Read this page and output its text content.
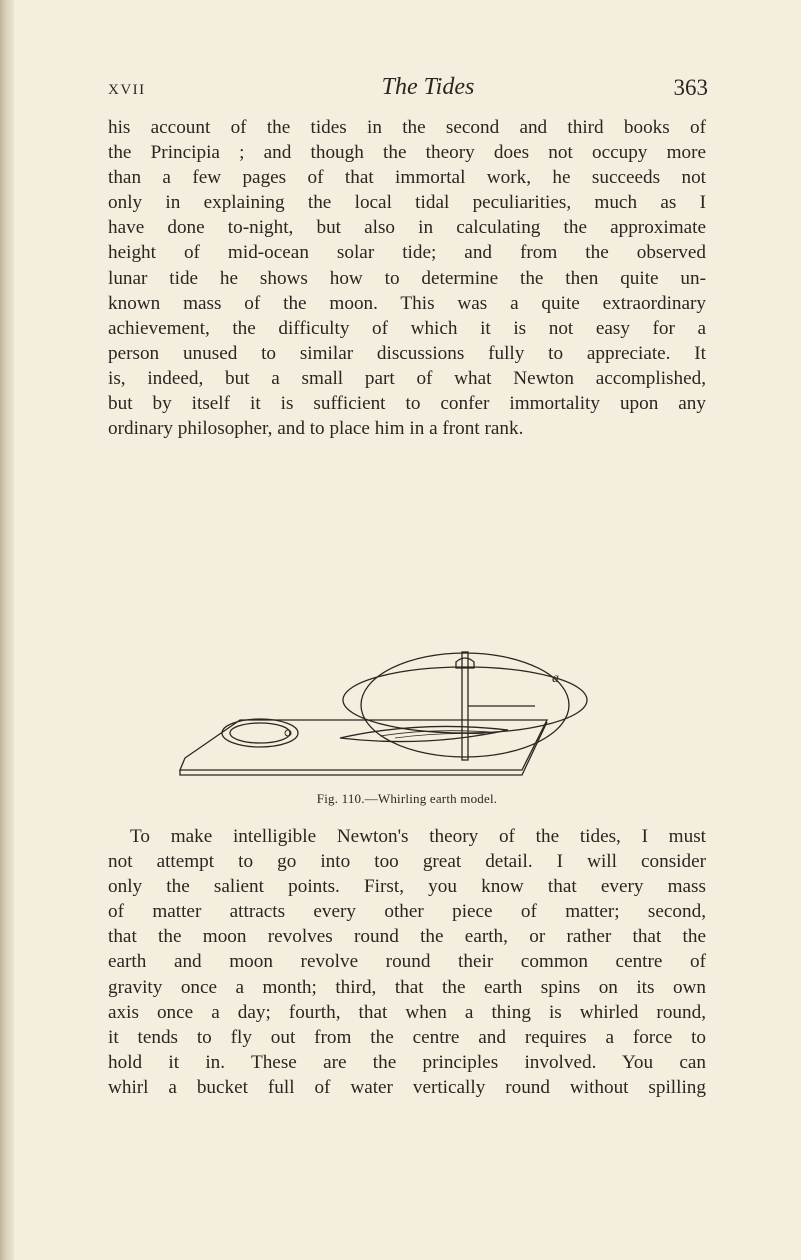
XVII	The Tides	363
his account of the tides in the second and third books of
the Principia ; and though the theory does not occupy more
than a few pages of that immortal work, he succeeds not
only in explaining the local tidal peculiarities, much as I
have done to-night, but also in calculating the approximate
height of mid-ocean solar tide; and from the observed
lunar tide he shows how to determine the then quite un-
known mass of the moon. This was a quite extraordinary
achievement, the difficulty of which it is not easy for a
person unused to similar discussions fully to appreciate. It
is, indeed, but a small part of what Newton accomplished,
but by itself it is sufficient to confer immortality upon any
ordinary philosopher, and to place him in a front rank.
a
Fig. 110.—Whirling earth model.
To make intelligible Newton's theory of the tides, I must
not attempt to go into too great detail. I will consider
only the salient points. First, you know that every mass
of matter attracts every other piece of matter; second,
that the moon revolves round the earth, or rather that the
earth and moon revolve round their common centre of
gravity once a month; third, that the earth spins on its own
axis once a day; fourth, that when a thing is whirled round,
it tends to fly out from the centre and requires a force to
hold it in. These are the principles involved. You can
whirl a bucket full of water vertically round without spilling
